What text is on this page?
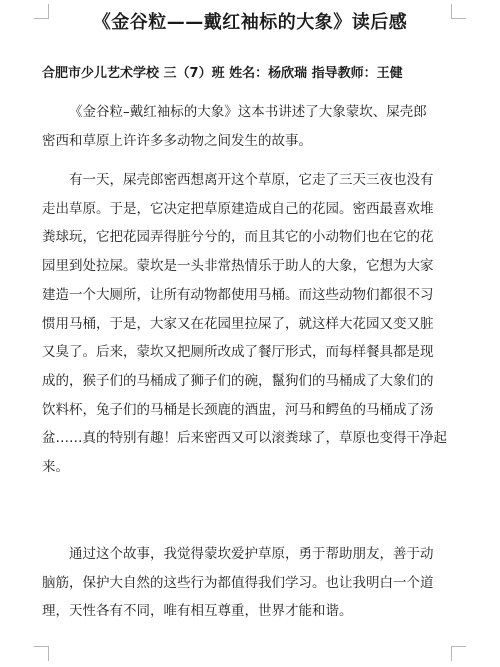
《金谷粒——戴红袖标的大象》读后感
合肥市少儿艺术学校 三（7）班 姓名：杨欣瑞 指导教师：王健
《金谷粒–戴红袖标的大象》这本书讲述了大象蒙坎、屎壳郎
密西和草原上许许多多动物之间发生的故事。
有一天，屎壳郎密西想离开这个草原，它走了三天三夜也没有
走出草原。于是，它决定把草原建造成自己的花园。密西最喜欢堆
粪球玩，它把花园弄得脏兮兮的，而且其它的小动物们也在它的花
园里到处拉屎。蒙坎是一头非常热情乐于助人的大象，它想为大家
建造一个大厕所，让所有动物都使用马桶。而这些动物们都很不习
惯用马桶，于是，大家又在花园里拉屎了，就这样大花园又变又脏
又臭了。后来，蒙坎又把厕所改成了餐厅形式，而每样餐具都是现
成的，猴子们的马桶成了狮子们的碗，鬣狗们的马桶成了大象们的
饮料杯，兔子们的马桶是长颈鹿的酒盅，河马和鳄鱼的马桶成了汤
盆……真的特别有趣！后来密西又可以滚粪球了，草原也变得干净起
来。
通过这个故事，我觉得蒙坎爱护草原，勇于帮助朋友，善于动
脑筋，保护大自然的这些行为都值得我们学习。也让我明白一个道
理，天性各有不同，唯有相互尊重，世界才能和谐。
